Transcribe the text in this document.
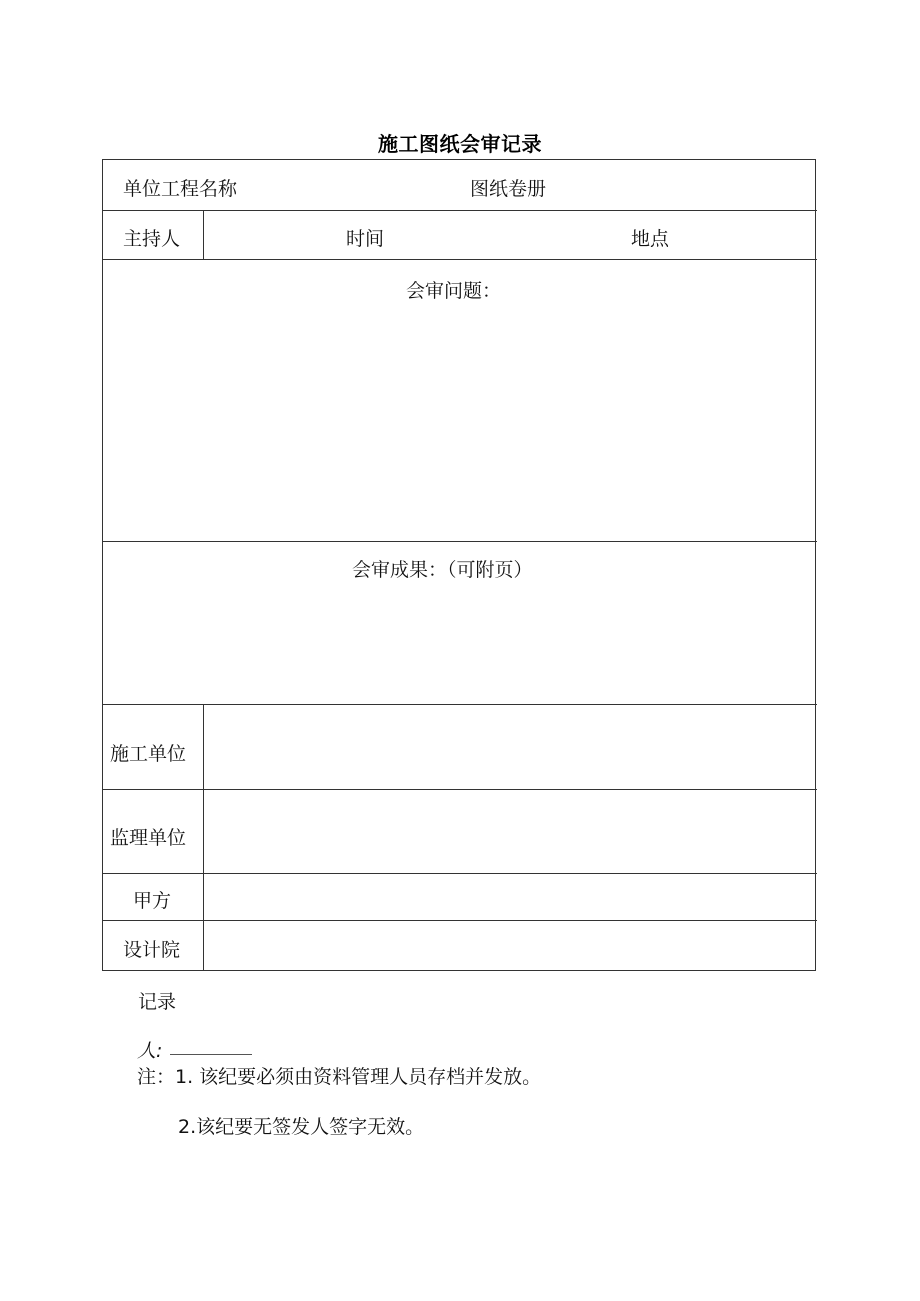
施工图纸会审记录
单位工程名称	图纸卷册
主持人	时间	地点
会审问题：
会审成果：（可附页）
施工单位
监理单位
甲方
设计院
记录
人:
注：1. 该纪要必须由资料管理人员存档并发放。
2.该纪要无签发人签字无效。
